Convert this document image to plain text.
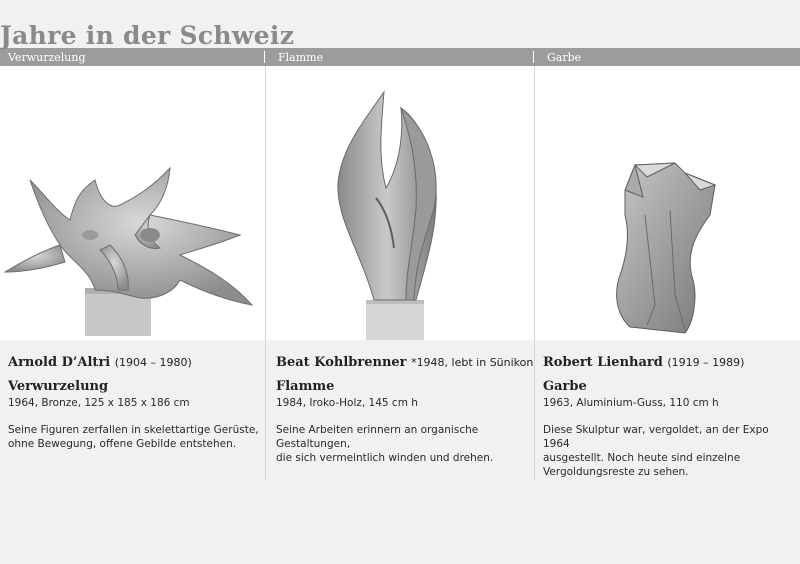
Jahre in der Schweiz
Verwurzelung	Flamme	Garbe
Arnold D’Altri (1904 – 1980)
Verwurzelung
1964, Bronze, 125 x 185 x 186 cm
Seine Figuren zerfallen in skelettartige Gerüste,
ohne Bewegung, offene Gebilde entstehen.
Beat Kohlbrenner *1948, lebt in Sünikon
Flamme
1984, Iroko-Holz, 145 cm h
Seine Arbeiten erinnern an organische
Gestaltungen,
die sich vermeintlich winden und drehen.
Robert Lienhard (1919 – 1989)
Garbe
1963, Aluminium-Guss, 110 cm h
Diese Skulptur war, vergoldet, an der Expo 1964
ausgestellt. Noch heute sind einzelne
Vergoldungsreste zu sehen.
